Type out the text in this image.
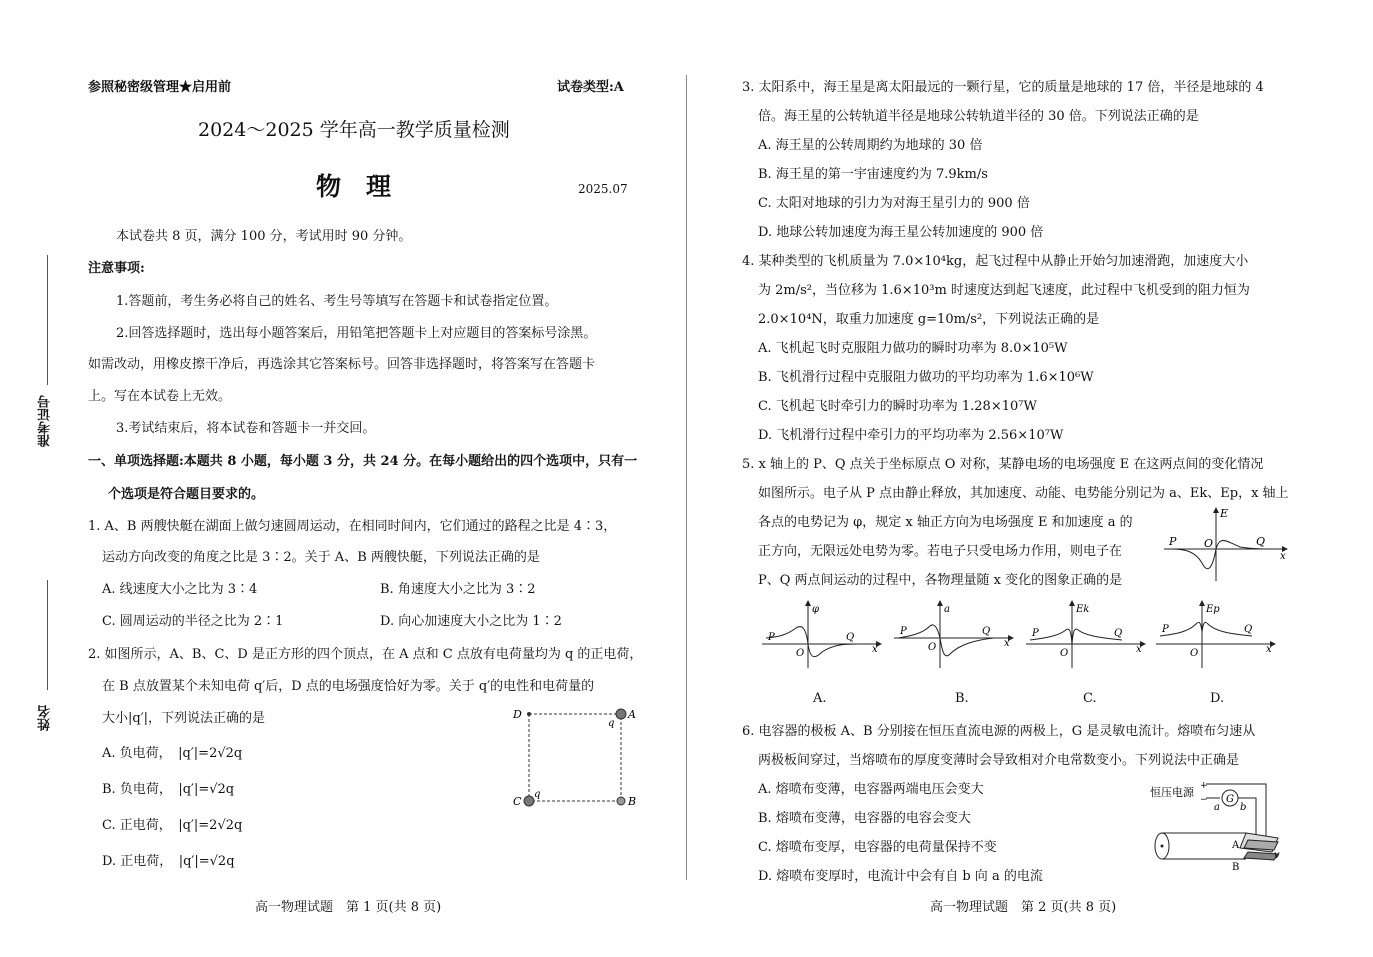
参照秘密级管理★启用前	试卷类型:A
2024～2025 学年高一教学质量检测
物　理	2025.07
本试卷共 8 页，满分 100 分，考试用时 90 分钟。
注意事项:
1.答题前，考生务必将自己的姓名、考生号等填写在答题卡和试卷指定位置。
2.回答选择题时，选出每小题答案后，用铅笔把答题卡上对应题目的答案标号涂黑。
如需改动，用橡皮擦干净后，再选涂其它答案标号。回答非选择题时，将答案写在答题卡
上。写在本试卷上无效。
3.考试结束后，将本试卷和答题卡一并交回。
一、单项选择题:本题共 8 小题，每小题 3 分，共 24 分。在每小题给出的四个选项中，只有一
个选项是符合题目要求的。
1. A、B 两艘快艇在湖面上做匀速圆周运动，在相同时间内，它们通过的路程之比是 4∶3，
运动方向改变的角度之比是 3∶2。关于 A、B 两艘快艇，下列说法正确的是
A. 线速度大小之比为 3∶4	B. 角速度大小之比为 3∶2
C. 圆周运动的半径之比为 2∶1	D. 向心加速度大小之比为 1∶2
2. 如图所示，A、B、C、D 是正方形的四个顶点，在 A 点和 C 点放有电荷量均为 q 的正电荷，
在 B 点放置某个未知电荷 q′后，D 点的电场强度恰好为零。关于 q′的电性和电荷量的
大小|q′|，下列说法正确的是
A. 负电荷，　|q′|=2√2q
B. 负电荷，　|q′|=√2q
C. 正电荷，　|q′|=2√2q
D. 正电荷，　|q′|=√2q
D	A
q
C
q
B
高一物理试题　第 1 页(共 8 页)
准考证号
姓名
3. 太阳系中，海王星是离太阳最远的一颗行星，它的质量是地球的 17 倍，半径是地球的 4
倍。海王星的公转轨道半径是地球公转轨道半径的 30 倍。下列说法正确的是
A. 海王星的公转周期约为地球的 30 倍
B. 海王星的第一宇宙速度约为 7.9km/s
C. 太阳对地球的引力为对海王星引力的 900 倍
D. 地球公转加速度为海王星公转加速度的 900 倍
4. 某种类型的飞机质量为 7.0×10⁴kg，起飞过程中从静止开始匀加速滑跑，加速度大小
为 2m/s²，当位移为 1.6×10³m 时速度达到起飞速度，此过程中飞机受到的阻力恒为
2.0×10⁴N，取重力加速度 g=10m/s²，下列说法正确的是
A. 飞机起飞时克服阻力做功的瞬时功率为 8.0×10⁵W
B. 飞机滑行过程中克服阻力做功的平均功率为 1.6×10⁶W
C. 飞机起飞时牵引力的瞬时功率为 1.28×10⁷W
D. 飞机滑行过程中牵引力的平均功率为 2.56×10⁷W
5. x 轴上的 P、Q 点关于坐标原点 O 对称，某静电场的电场强度 E 在这两点间的变化情况
如图所示。电子从 P 点由静止释放，其加速度、动能、电势能分别记为 a、Ek、Ep，x 轴上
各点的电势记为 φ，规定 x 轴正方向为电场强度 E 和加速度 a 的
正方向，无限远处电势为零。若电子只受电场力作用，则电子在
P、Q 两点间运动的过程中，各物理量随 x 变化的图象正确的是
E
P	O	Q
x
φ
P
O
Q
x
a
P
O
Q
x
Ek
P
O
Q
x
Ep
P
O
Q
x
A.	B.	C.	D.
6. 电容器的极板 A、B 分别接在恒压直流电源的两极上，G 是灵敏电流计。熔喷布匀速从
两极板间穿过，当熔喷布的厚度变薄时会导致相对介电常数变小。下列说法中正确是
A. 熔喷布变薄，电容器两端电压会变大
B. 熔喷布变薄，电容器的电容会变大
C. 熔喷布变厚，电容器的电荷量保持不变
D. 熔喷布变厚时，电流计中会有自 b 向 a 的电流
恒压电源 +
− G
a b
A
B
v
高一物理试题　第 2 页(共 8 页)
